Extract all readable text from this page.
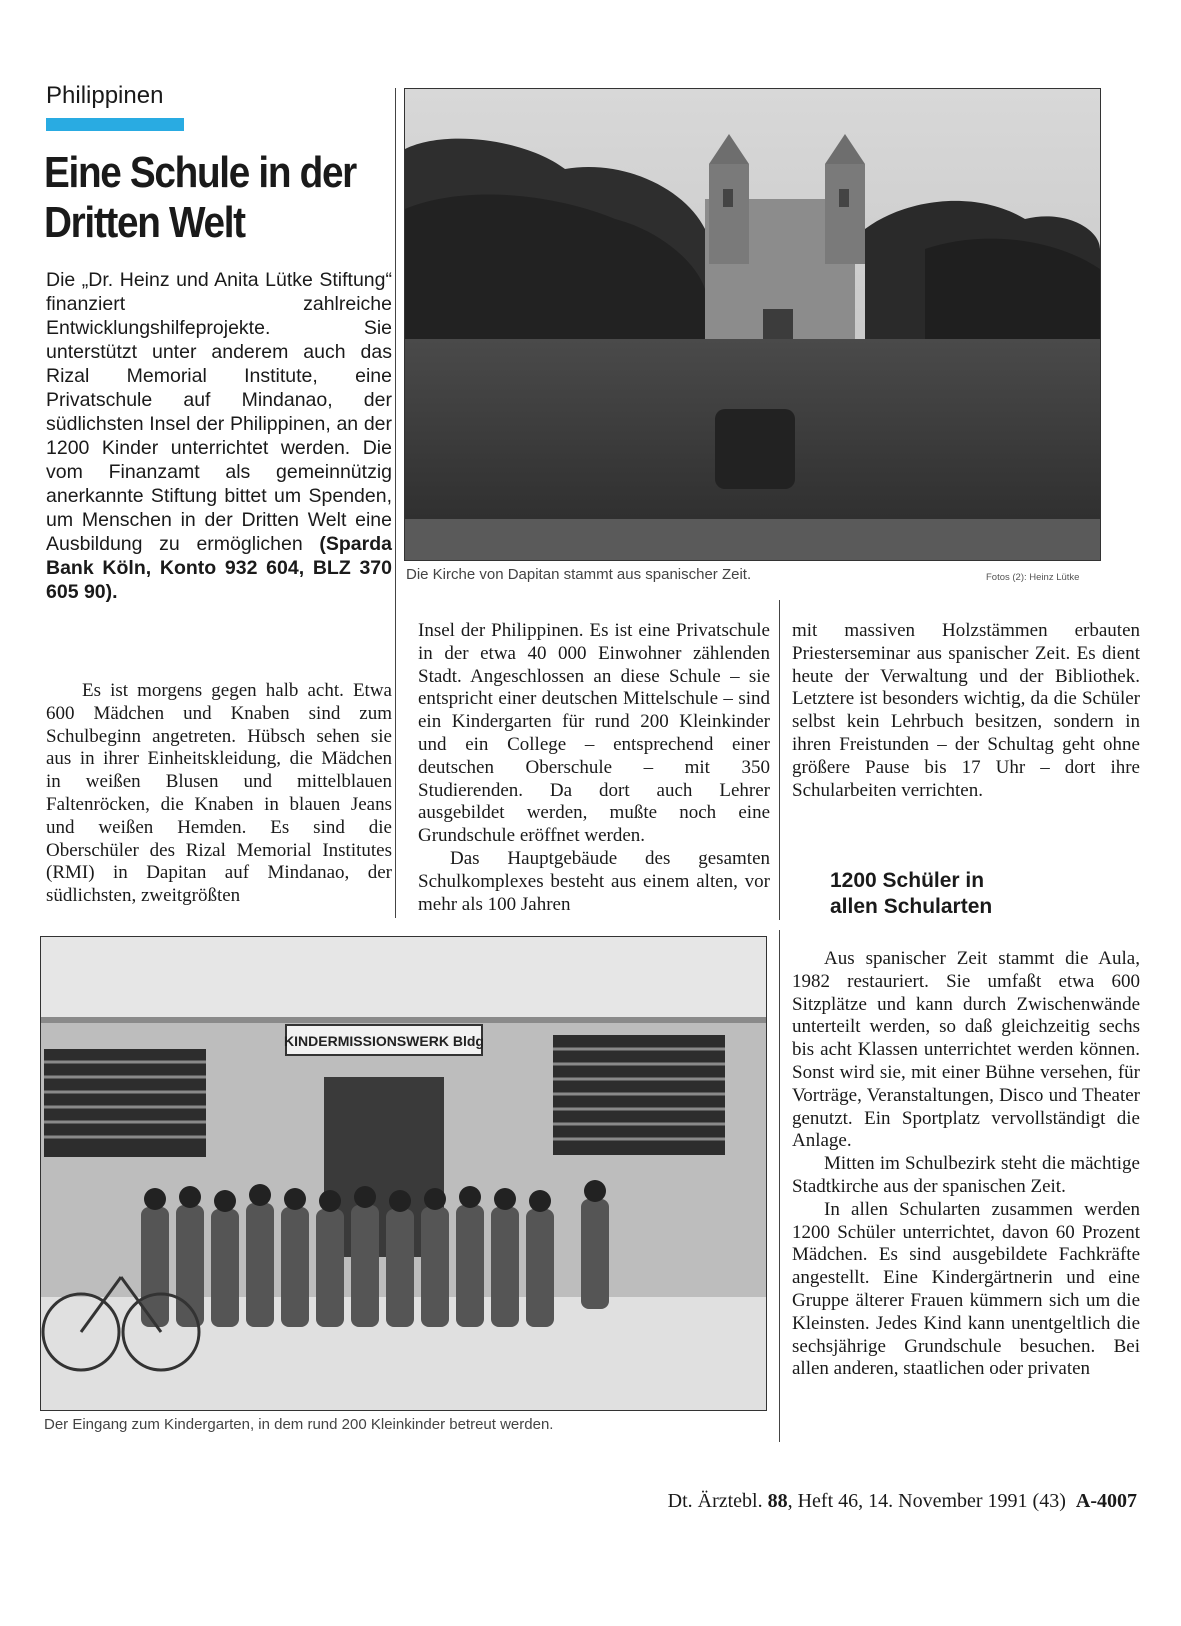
Philippinen
Eine Schule in der
Dritten Welt
Die „Dr. Heinz und Anita Lütke Stiftung“ finanziert zahlreiche Entwicklungshilfeprojekte. Sie unterstützt unter anderem auch das Rizal Memorial Institute, eine Privatschule auf Mindanao, der südlichsten Insel der Philippinen, an der 1200 Kinder unterrichtet werden. Die vom Finanzamt als gemeinnützig anerkannte Stiftung bittet um Spenden, um Menschen in der Dritten Welt eine Ausbildung zu ermöglichen (Sparda Bank Köln, Konto 932 604, BLZ 370 605 90).

Es ist morgens gegen halb acht. Etwa 600 Mädchen und Knaben sind zum Schulbeginn angetreten. Hübsch sehen sie aus in ihrer Einheitskleidung, die Mädchen in weißen Blusen und mittelblauen Faltenröcken, die Knaben in blauen Jeans und weißen Hemden. Es sind die Oberschüler des Rizal Memorial Institutes (RMI) in Dapitan auf Mindanao, der südlichsten, zweitgrößten

Die Kirche von Dapitan stammt aus spanischer Zeit.	Fotos (2): Heinz Lütke

Insel der Philippinen. Es ist eine Privatschule in der etwa 40 000 Einwohner zählenden Stadt. Angeschlossen an diese Schule – sie entspricht einer deutschen Mittelschule – sind ein Kindergarten für rund 200 Kleinkinder und ein College – entsprechend einer deutschen Oberschule – mit 350 Studierenden. Da dort auch Lehrer ausgebildet werden, mußte noch eine Grundschule eröffnet werden.

Das Hauptgebäude des gesamten Schulkomplexes besteht aus einem alten, vor mehr als 100 Jahren

mit massiven Holzstämmen erbauten Priesterseminar aus spanischer Zeit. Es dient heute der Verwaltung und der Bibliothek. Letztere ist besonders wichtig, da die Schüler selbst kein Lehrbuch besitzen, sondern in ihren Freistunden – der Schultag geht ohne größere Pause bis 17 Uhr – dort ihre Schularbeiten verrichten.

1200 Schüler in
allen Schularten

Aus spanischer Zeit stammt die Aula, 1982 restauriert. Sie umfaßt etwa 600 Sitzplätze und kann durch Zwischenwände unterteilt werden, so daß gleichzeitig sechs bis acht Klassen unterrichtet werden können. Sonst wird sie, mit einer Bühne versehen, für Vorträge, Veranstaltungen, Disco und Theater genutzt. Ein Sportplatz vervollständigt die Anlage.

Mitten im Schulbezirk steht die mächtige Stadtkirche aus der spanischen Zeit.

In allen Schularten zusammen werden 1200 Schüler unterrichtet, davon 60 Prozent Mädchen. Es sind ausgebildete Fachkräfte angestellt. Eine Kindergärtnerin und eine Gruppe älterer Frauen kümmern sich um die Kleinsten. Jedes Kind kann unentgeltlich die sechsjährige Grundschule besuchen. Bei allen anderen, staatlichen oder privaten

KINDERMISSIONSWERK Bldg
Der Eingang zum Kindergarten, in dem rund 200 Kleinkinder betreut werden.
Dt. Ärztebl. 88, Heft 46, 14. November 1991 (43) A-4007
